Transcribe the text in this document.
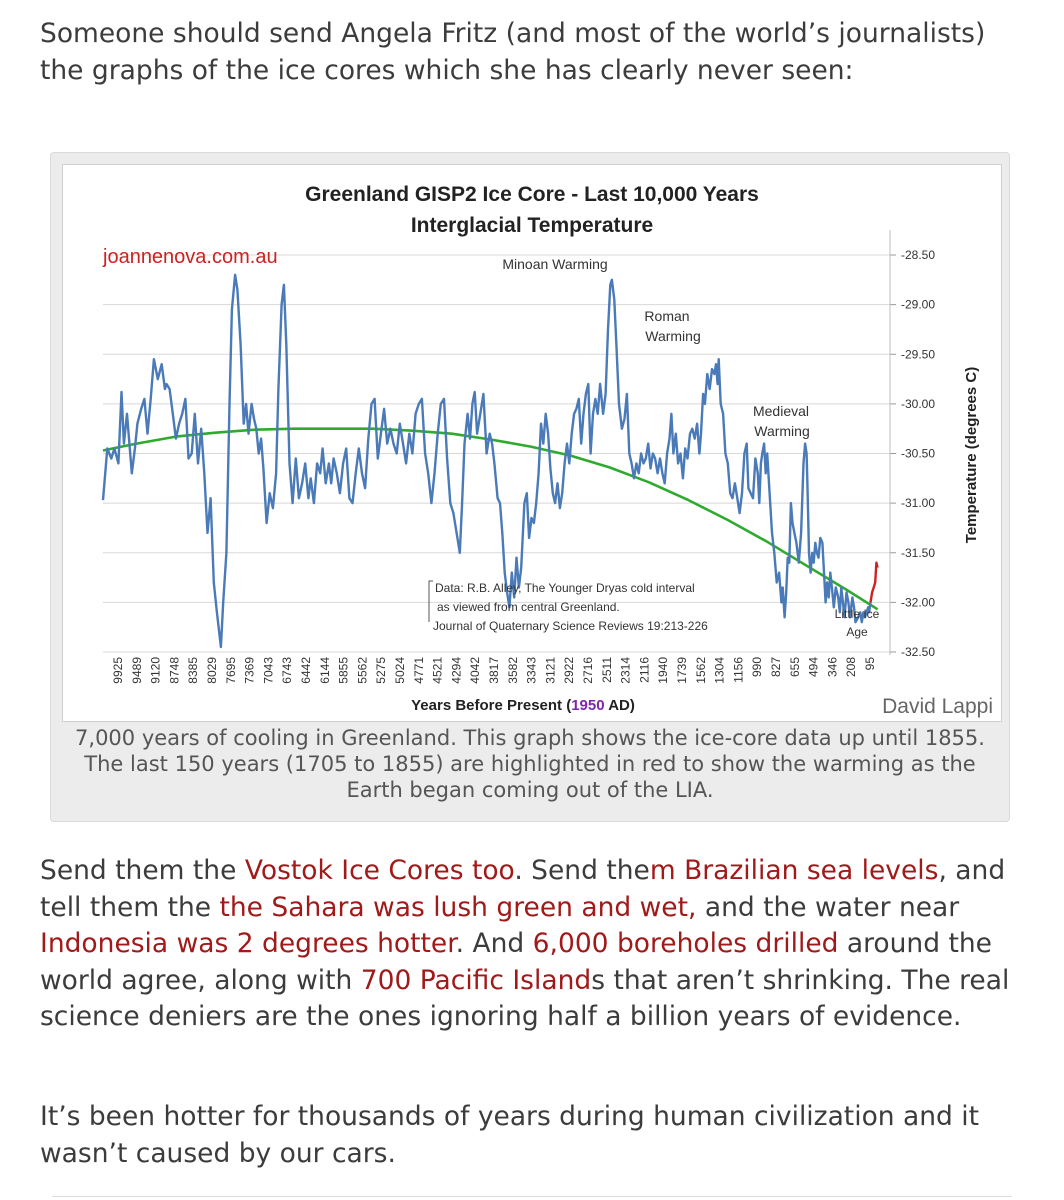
Someone should send Angela Fritz (and most of the world’s journalists) the graphs of the ice cores which she has clearly never seen:

-28.50
-29.00
-29.50
-30.00
-30.50
-31.00
-31.50
-32.00
-32.50
9925 9489 9120 8748 8385 8029 7695 7369 7043 6743 6442 6144 5855 5562 5275 5024 4771 4521 4294 4042 3817 3582 3343 3121 2922 2716 2511 2314 2116 1940 1739 1562 1304 1156 990 827 655 494 346 208 95
Greenland GISP2 Ice Core - Last 10,000 Years
Interglacial Temperature
joannenova.com.au	Minoan Warming
Roman
Warming
Medieval
Warming
Little Ice
Age
Data: R.B. Alley, The Younger Dryas cold interval
as viewed from central Greenland.
Journal of Quaternary Science Reviews 19:213-226
Years Before Present (1950 AD)	David Lappi
Temperature (degrees C)
7,000 years of cooling in Greenland. This graph shows the ice-core data up until 1855. The last 150 years (1705 to 1855) are highlighted in red to show the warming as the Earth began coming out of the LIA.

Send them the Vostok Ice Cores too. Send them Brazilian sea levels, and tell them the the Sahara was lush green and wet, and the water near Indonesia was 2 degrees hotter. And 6,000 boreholes drilled around the world agree, along with 700 Pacific Islands that aren’t shrinking. The real science deniers are the ones ignoring half a billion years of evidence.

It’s been hotter for thousands of years during human civilization and it wasn’t caused by our cars.
